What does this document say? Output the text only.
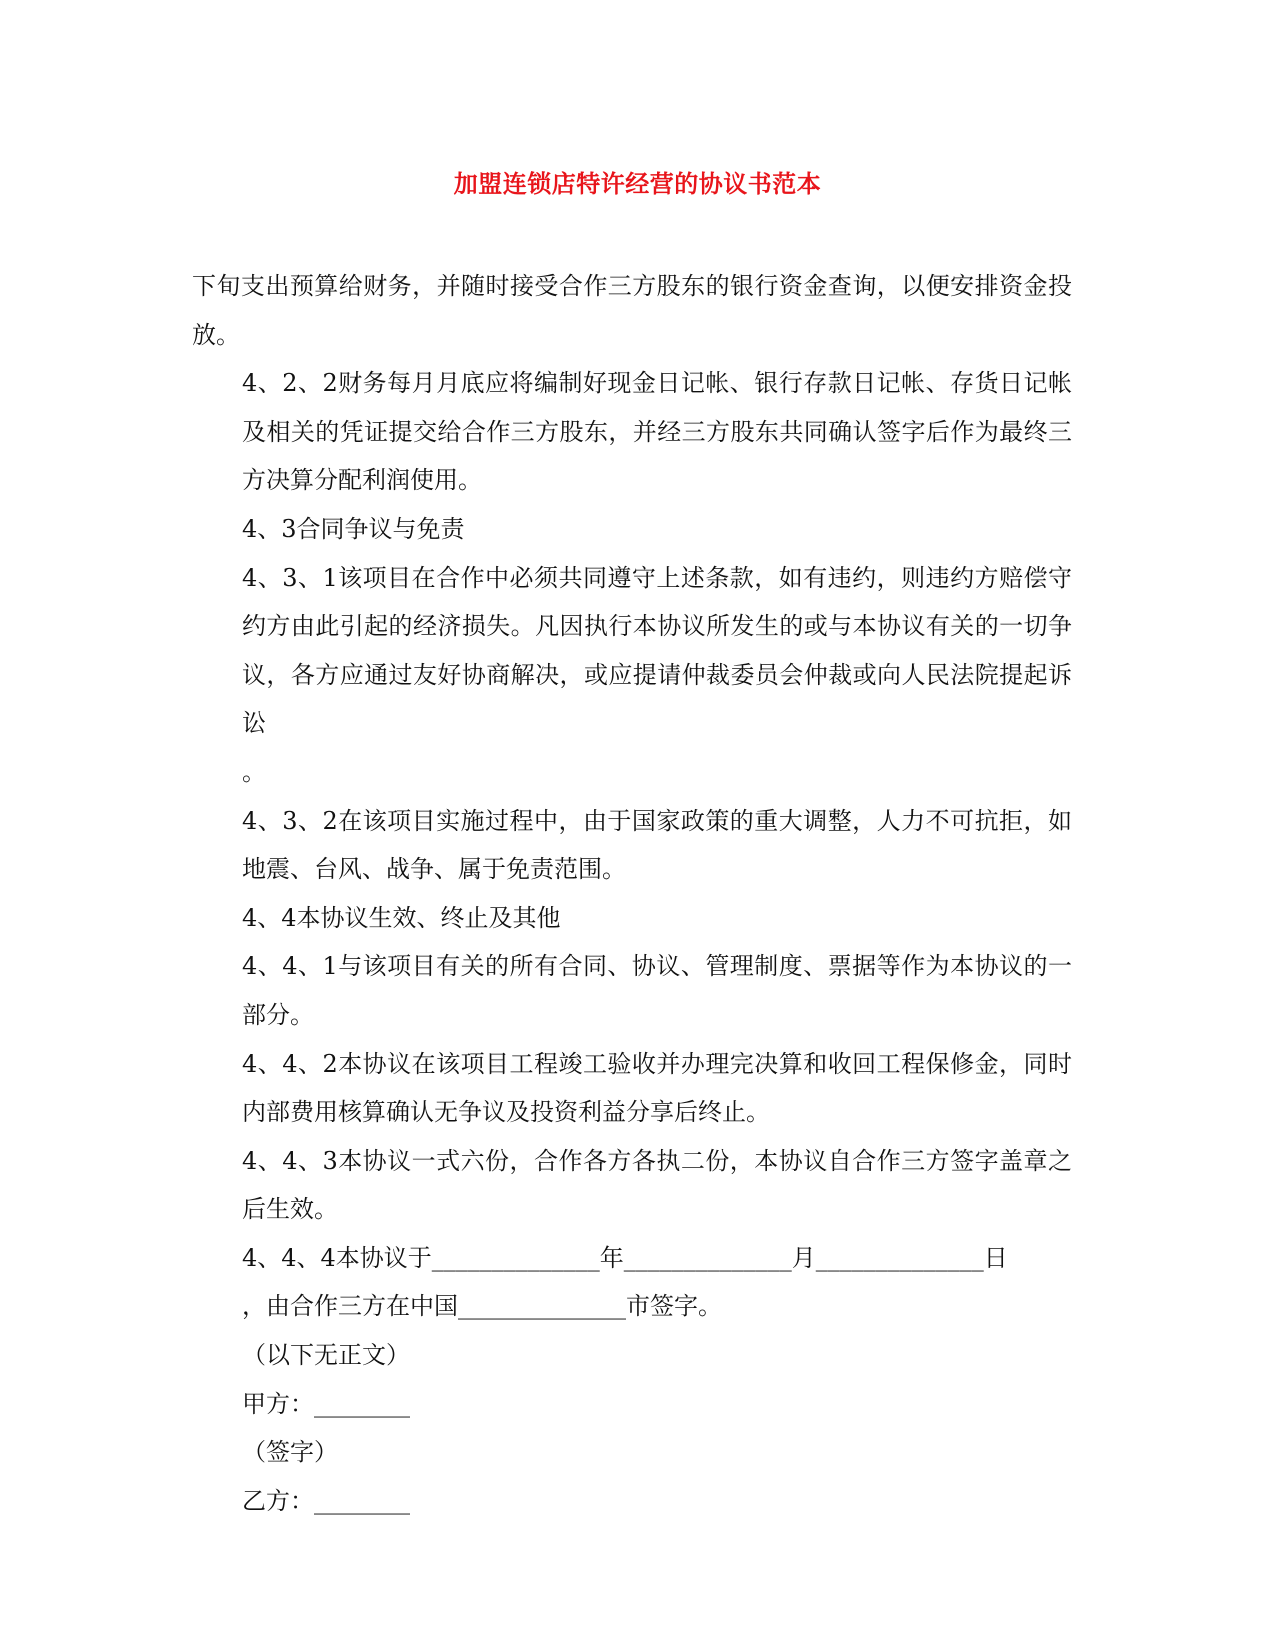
加盟连锁店特许经营的协议书范本

下旬支出预算给财务，并随时接受合作三方股东的银行资金查询，以便安排资金投放。

4、2、2财务每月月底应将编制好现金日记帐、银行存款日记帐、存货日记帐及相关的凭证提交给合作三方股东，并经三方股东共同确认签字后作为最终三方决算分配利润使用。

4、3合同争议与免责

4、3、1该项目在合作中必须共同遵守上述条款，如有违约，则违约方赔偿守约方由此引起的经济损失。凡因执行本协议所发生的或与本协议有关的一切争议，各方应通过友好协商解决，或应提请仲裁委员会仲裁或向人民法院提起诉讼
。

4、3、2在该项目实施过程中，由于国家政策的重大调整，人力不可抗拒，如地震、台风、战争、属于免责范围。

4、4本协议生效、终止及其他

4、4、1与该项目有关的所有合同、协议、管理制度、票据等作为本协议的一部分。

4、4、2本协议在该项目工程竣工验收并办理完决算和收回工程保修金，同时内部费用核算确认无争议及投资利益分享后终止。

4、4、3本协议一式六份，合作各方各执二份，本协议自合作三方签字盖章之后生效。

4、4、4本协议于______________年______________月______________日
，由合作三方在中国______________市签字。

（以下无正文）

甲方：________

（签字）

乙方：________
